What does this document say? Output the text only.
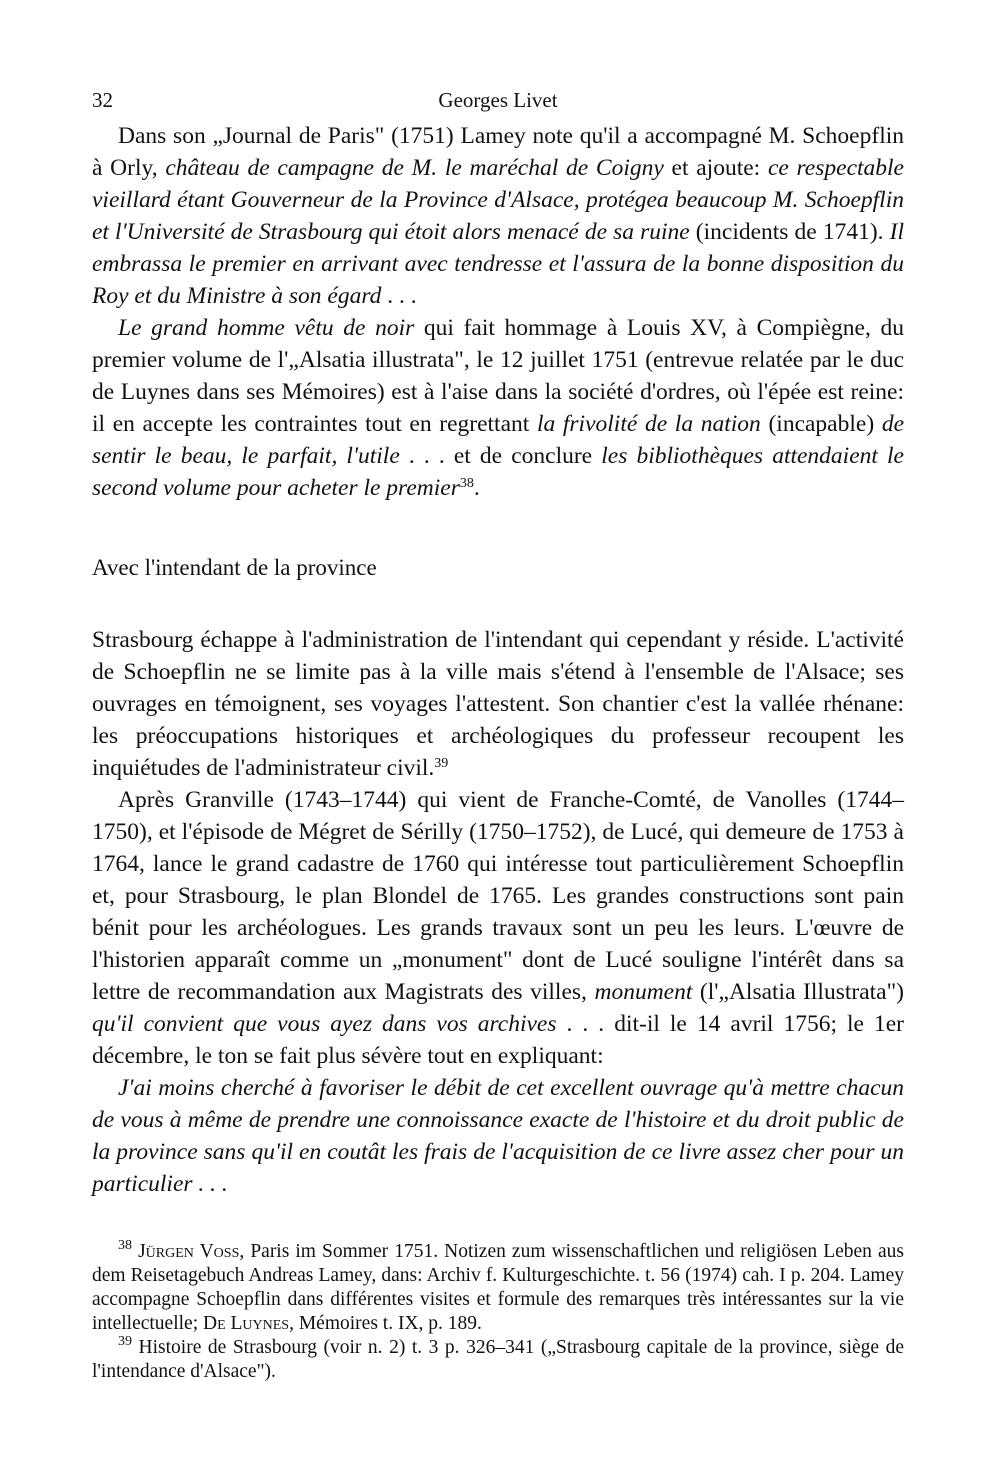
32	Georges Livet

Dans son „Journal de Paris" (1751) Lamey note qu'il a accompagné M. Schoepflin à Orly, château de campagne de M. le maréchal de Coigny et ajoute: ce respectable vieillard étant Gouverneur de la Province d'Alsace, protégea beaucoup M. Schoepflin et l'Université de Strasbourg qui étoit alors menacé de sa ruine (incidents de 1741). Il embrassa le premier en arrivant avec tendresse et l'assura de la bonne disposition du Roy et du Ministre à son égard . . .

Le grand homme vêtu de noir qui fait hommage à Louis XV, à Compiègne, du premier volume de l'„Alsatia illustrata", le 12 juillet 1751 (entrevue relatée par le duc de Luynes dans ses Mémoires) est à l'aise dans la société d'ordres, où l'épée est reine: il en accepte les contraintes tout en regrettant la frivolité de la nation (incapable) de sentir le beau, le parfait, l'utile . . . et de conclure les bibliothèques attendaient le second volume pour acheter le premier$^{38}$.

Avec l'intendant de la province

Strasbourg échappe à l'administration de l'intendant qui cependant y réside. L'activité de Schoepflin ne se limite pas à la ville mais s'étend à l'ensemble de l'Alsace; ses ouvrages en témoignent, ses voyages l'attestent. Son chantier c'est la vallée rhénane: les préoccupations historiques et archéologiques du professeur recoupent les inquiétudes de l'administrateur civil.$^{39}$

Après Granville (1743–1744) qui vient de Franche-Comté, de Vanolles (1744–1750), et l'épisode de Mégret de Sérilly (1750–1752), de Lucé, qui demeure de 1753 à 1764, lance le grand cadastre de 1760 qui intéresse tout particulièrement Schoepflin et, pour Strasbourg, le plan Blondel de 1765. Les grandes constructions sont pain bénit pour les archéologues. Les grands travaux sont un peu les leurs. L'œuvre de l'historien apparaît comme un „monument" dont de Lucé souligne l'intérêt dans sa lettre de recommandation aux Magistrats des villes, monument (l'„Alsatia Illustrata") qu'il convient que vous ayez dans vos archives . . . dit-il le 14 avril 1756; le 1er décembre, le ton se fait plus sévère tout en expliquant:

J'ai moins cherché à favoriser le débit de cet excellent ouvrage qu'à mettre chacun de vous à même de prendre une connoissance exacte de l'histoire et du droit public de la province sans qu'il en coutât les frais de l'acquisition de ce livre assez cher pour un particulier . . .

$^{38}$ Jürgen Voss, Paris im Sommer 1751. Notizen zum wissenschaftlichen und religiösen Leben aus dem Reisetagebuch Andreas Lamey, dans: Archiv f. Kulturgeschichte. t. 56 (1974) cah. I p. 204. Lamey accompagne Schoepflin dans différentes visites et formule des remarques très intéressantes sur la vie intellectuelle; De Luynes, Mémoires t. IX, p. 189.

$^{39}$ Histoire de Strasbourg (voir n. 2) t. 3 p. 326–341 („Strasbourg capitale de la province, siège de l'intendance d'Alsace").
